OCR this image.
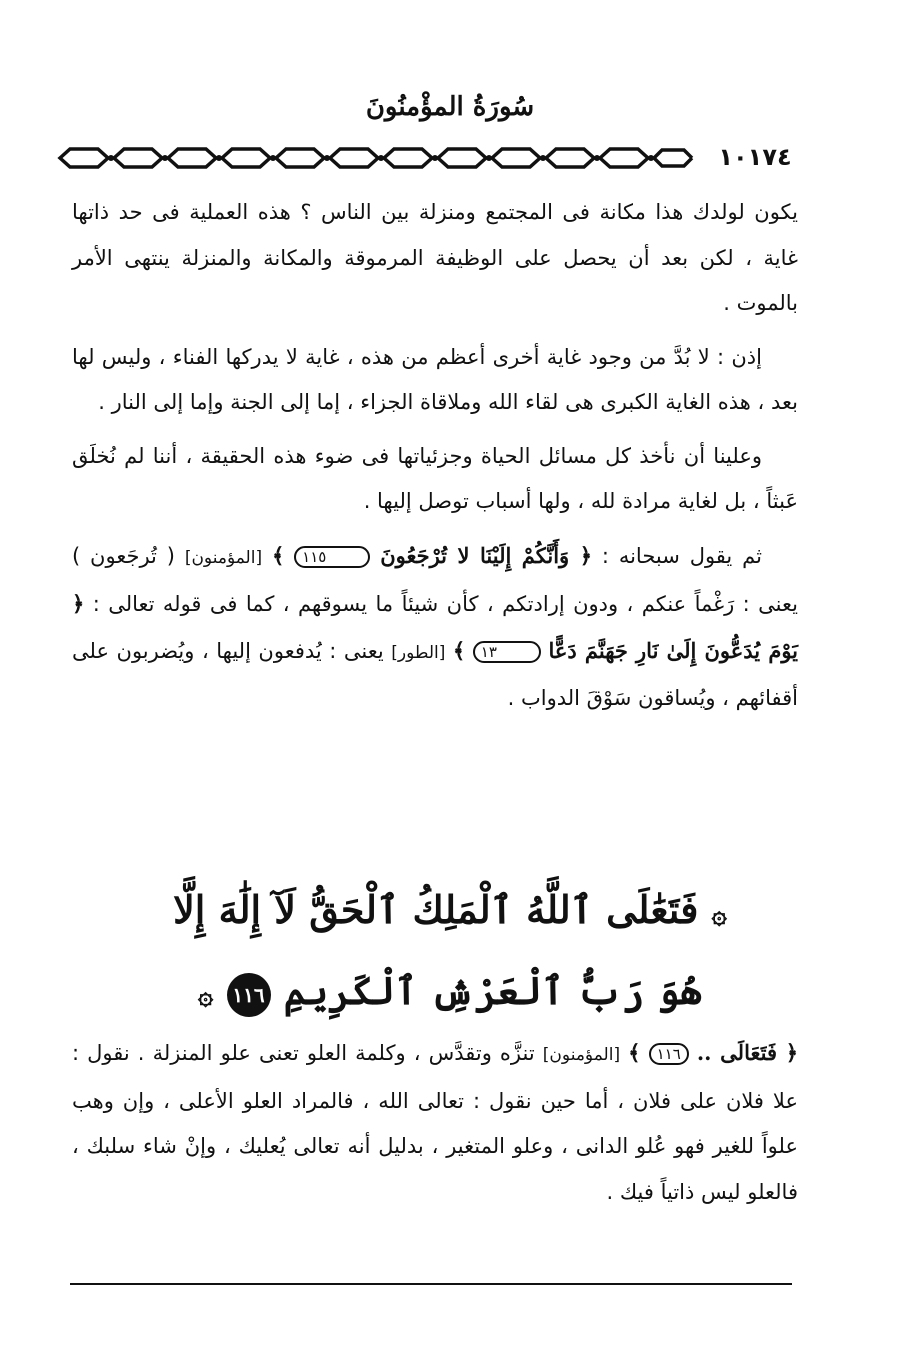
سُورَةُ المؤْمنُونَ
١٠١٧٤

يكون لولدك هذا مكانة فى المجتمع ومنزلة بين الناس ؟ هذه العملية فى حد ذاتها غاية ، لكن بعد أن يحصل على الوظيفة المرموقة والمكانة والمنزلة ينتهى الأمر بالموت .

إذن : لا بُدَّ من وجود غاية أخرى أعظم من هذه ، غاية لا يدركها الفناء ، وليس لها بعد ، هذه الغاية الكبرى هى لقاء الله وملاقاة الجزاء ، إما إلى الجنة وإما إلى النار .

وعلينا أن نأخذ كل مسائل الحياة وجزئياتها فى ضوء هذه الحقيقة ، أننا لم نُخلَق عَبثاً ، بل لغاية مرادة لله ، ولها أسباب توصل إليها .

ثم يقول سبحانه : ﴿ وَأَنَّكُمْ إِلَيْنَا لا تُرْجَعُونَ ١١٥ ﴾ [المؤمنون] ( تُرجَعون ) يعنى : رَغْماً عنكم ، ودون إرادتكم ، كأن شيئاً ما يسوقهم ، كما فى قوله تعالى : ﴿ يَوْمَ يُدَعُّونَ إِلَىٰ نَارِ جَهَنَّمَ دَعًّا ١٣ ﴾ [الطور] يعنى : يُدفعون إليها ، ويُضربون على أقفائهم ، ويُساقون سَوْقَ الدواب .

۞ فَتَعَٰلَى ٱللَّهُ ٱلْمَلِكُ ٱلْحَقُّ لَآ إِلَٰهَ إِلَّا
هُوَ رَبُّ ٱلْعَرْشِ ٱلْكَرِيمِ ١١٦ ۞

﴿ فَتَعَالَى .. ١١٦ ﴾ [المؤمنون] تنزَّه وتقدَّس ، وكلمة العلو تعنى علو المنزلة . نقول : علا فلان على فلان ، أما حين نقول : تعالى الله ، فالمراد العلو الأعلى ، وإن وهب علواً للغير فهو عُلو الدانى ، وعلو المتغير ، بدليل أنه تعالى يُعليك ، وإنْ شاء سلبك ، فالعلو ليس ذاتياً فيك .
